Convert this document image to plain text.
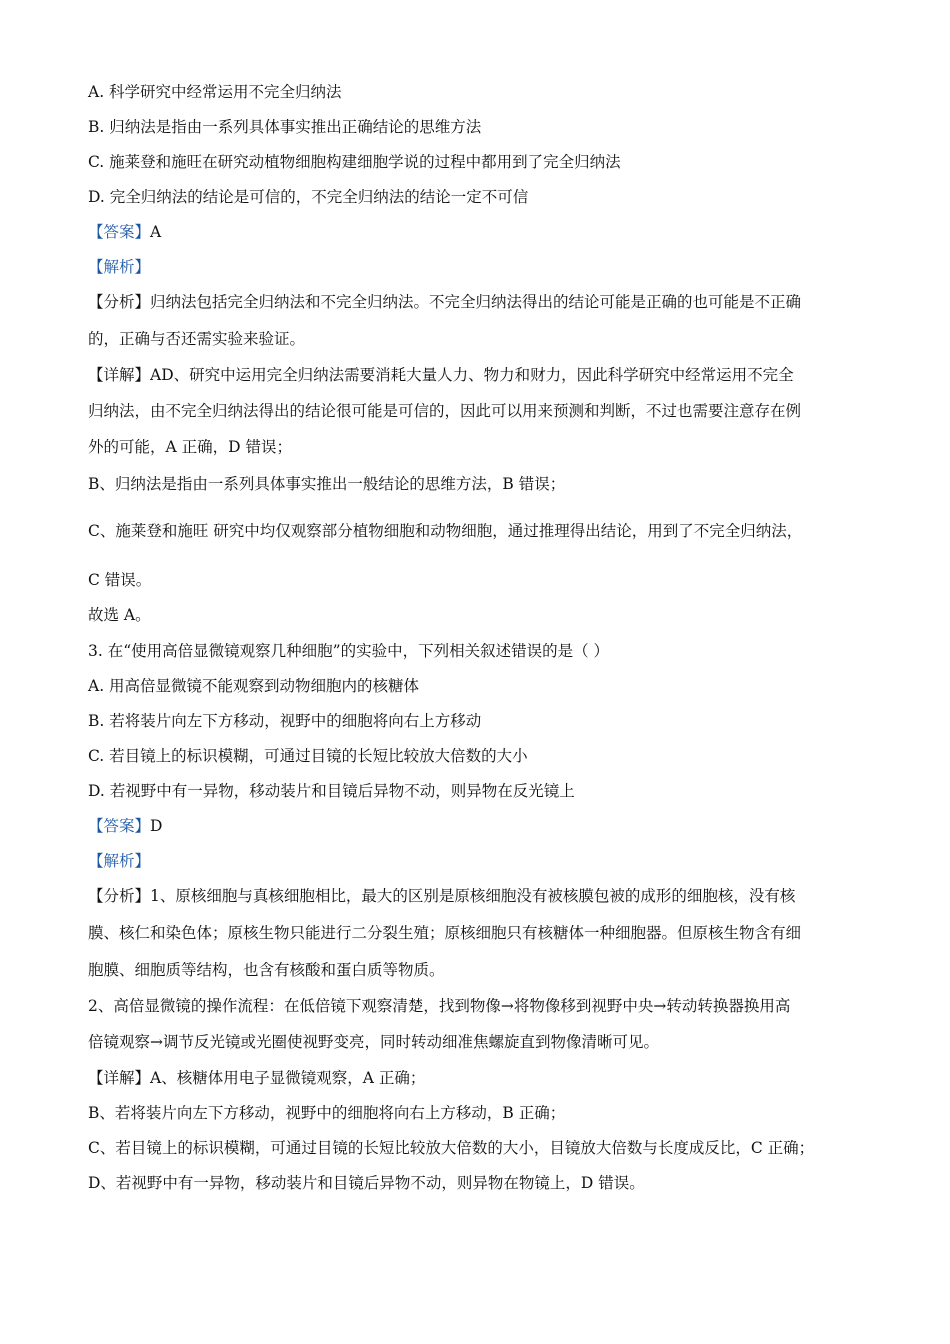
A. 科学研究中经常运用不完全归纳法
B. 归纳法是指由一系列具体事实推出正确结论的思维方法
C. 施莱登和施旺在研究动植物细胞构建细胞学说的过程中都用到了完全归纳法
D. 完全归纳法的结论是可信的，不完全归纳法的结论一定不可信
【答案】A
【解析】
【分析】归纳法包括完全归纳法和不完全归纳法。不完全归纳法得出的结论可能是正确的也可能是不正确
的，正确与否还需实验来验证。
【详解】AD、研究中运用完全归纳法需要消耗大量人力、物力和财力，因此科学研究中经常运用不完全
归纳法，由不完全归纳法得出的结论很可能是可信的，因此可以用来预测和判断，不过也需要注意存在例
外的可能，A 正确，D 错误；
B、归纳法是指由一系列具体事实推出一般结论的思维方法，B 错误；
C、施莱登和施旺 研究中均仅观察部分植物细胞和动物细胞，通过推理得出结论，用到了不完全归纳法，
C 错误。
故选 A。
3. 在“使用高倍显微镜观察几种细胞”的实验中，下列相关叙述错误的是（ ）
A. 用高倍显微镜不能观察到动物细胞内的核糖体
B. 若将装片向左下方移动，视野中的细胞将向右上方移动
C. 若目镜上的标识模糊，可通过目镜的长短比较放大倍数的大小
D. 若视野中有一异物，移动装片和目镜后异物不动，则异物在反光镜上
【答案】D
【解析】
【分析】1、原核细胞与真核细胞相比，最大的区别是原核细胞没有被核膜包被的成形的细胞核，没有核
膜、核仁和染色体；原核生物只能进行二分裂生殖；原核细胞只有核糖体一种细胞器。但原核生物含有细
胞膜、细胞质等结构，也含有核酸和蛋白质等物质。
2、高倍显微镜的操作流程：在低倍镜下观察清楚，找到物像→将物像移到视野中央→转动转换器换用高
倍镜观察→调节反光镜或光圈使视野变亮，同时转动细准焦螺旋直到物像清晰可见。
【详解】A、核糖体用电子显微镜观察，A 正确；
B、若将装片向左下方移动，视野中的细胞将向右上方移动，B 正确；
C、若目镜上的标识模糊，可通过目镜的长短比较放大倍数的大小，目镜放大倍数与长度成反比，C 正确；
D、若视野中有一异物，移动装片和目镜后异物不动，则异物在物镜上，D 错误。
